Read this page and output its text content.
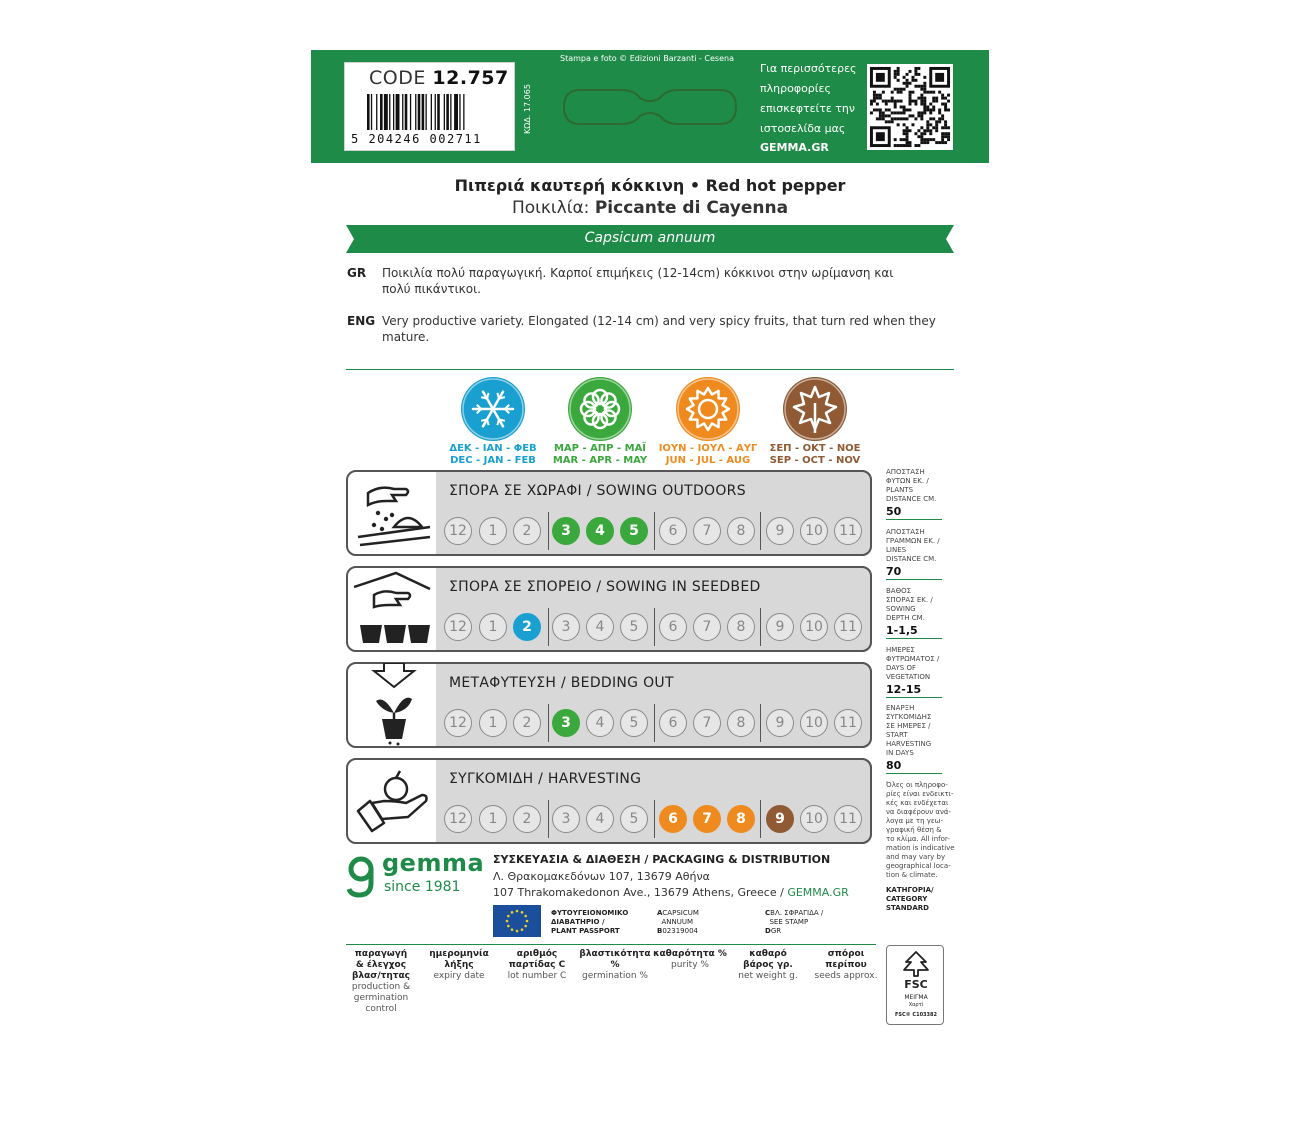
CODE 12.757
5 204246 002711
ΚΩΔ. 17.065
Stampa e foto © Edizioni Barzanti - Cesena
Για περισσότερες
πληροφορίες
επισκεφτείτε την
ιστοσελίδα μας
GEMMA.GR
Πιπεριά καυτερή κόκκινη • Red hot pepper
Ποικιλία: Piccante di Cayenna
Capsicum annuum
GR Ποικιλία πολύ παραγωγική. Καρποί επιμήκεις (12-14cm) κόκκινοι στην ωρίμανση και
πολύ πικάντικοι.
ENG Very productive variety. Elongated (12-14 cm) and very spicy fruits, that turn red when they
mature.
ΔΕΚ - ΙΑΝ - ΦΕΒ
DEC - JAN - FEB
ΜΑΡ - ΑΠΡ - ΜΑΪ
MAR - APR - MAY
ΙΟΥΝ - ΙΟΥΛ - ΑΥΓ
JUN - JUL - AUG
ΣΕΠ - ΟΚΤ - ΝΟΕ
SEP - OCT - NOV
ΣΠΟΡΑ ΣΕ ΧΩΡΑΦΙ / SOWING OUTDOORS
12	1	2	3	4	5	6	7	8	9	10	11
ΣΠΟΡΑ ΣΕ ΣΠΟΡΕΙΟ / SOWING IN SEEDBED
12	1	2	3	4	5	6	7	8	9	10	11
ΜΕΤΑΦΥΤΕΥΣΗ / BEDDING OUT
12	1	2	3	4	5	6	7	8	9	10	11
ΣΥΓΚΟΜΙΔΗ / HARVESTING
12	1	2	3	4	5	6	7	8	9	10	11
ΑΠΟΣΤΑΣΗ
ΦΥΤΩΝ ΕΚ. /
PLANTS
DISTANCE CM.
50
ΑΠΟΣΤΑΣΗ
ΓΡΑΜΜΩΝ ΕΚ. /
LINES
DISTANCE CM.
70
ΒΑΘΟΣ
ΣΠΟΡΑΣ ΕΚ. /
SOWING
DEPTH CM.
1-1,5
ΗΜΕΡΕΣ
ΦΥΤΡΩΜΑΤΟΣ /
DAYS OF
VEGETATION
12-15
ΕΝΑΡΞΗ
ΣΥΓΚΟΜΙΔΗΣ
ΣΕ ΗΜΕΡΕΣ /
START
HARVESTING
IN DAYS
80
Όλες οι πληροφο-
ρίες είναι ενδεικτι-
κές και ενδέχεται
να διαφέρουν ανά-
λογα με τη γεω-
γραφική θέση &
το κλίμα. All infor-
mation is indicative
and may vary by
geographical loca-
tion & climate.
ΚΑΤΗΓΟΡΙΑ/
CATEGORY
STANDARD
gemma
since 1981
ΣΥΣΚΕΥΑΣΙΑ & ΔΙΑΘΕΣΗ / PACKAGING & DISTRIBUTION
Λ. Θρακομακεδόνων 107, 13679 Αθήνα
107 Thrakomakedonon Ave., 13679 Athens, Greece / GEMMA.GR
ΦΥΤΟΥΓΕΙΟΝΟΜΙΚΟ
ΔΙΑΒΑΤΗΡΙΟ /
PLANT PASSPORT
ACAPSICUM
ANNUUM
B02319004
CΒΛ. ΣΦΡΑΓΙΔΑ /
SEE STAMP
DGR
παραγωγή
& έλεγχος
βλασ/τητας
production &
germination
control
ημερομηνία
λήξης
expiry date
αριθμός
παρτίδας C
lot number C
βλαστικότητα %
germination %
καθαρότητα %
purity %
καθαρό
βάρος γρ.
net weight g.
σπόροι
περίπου
seeds approx.
FSC
ΜΕΙΓΜΑ
Χαρτί
FSC® C103382
